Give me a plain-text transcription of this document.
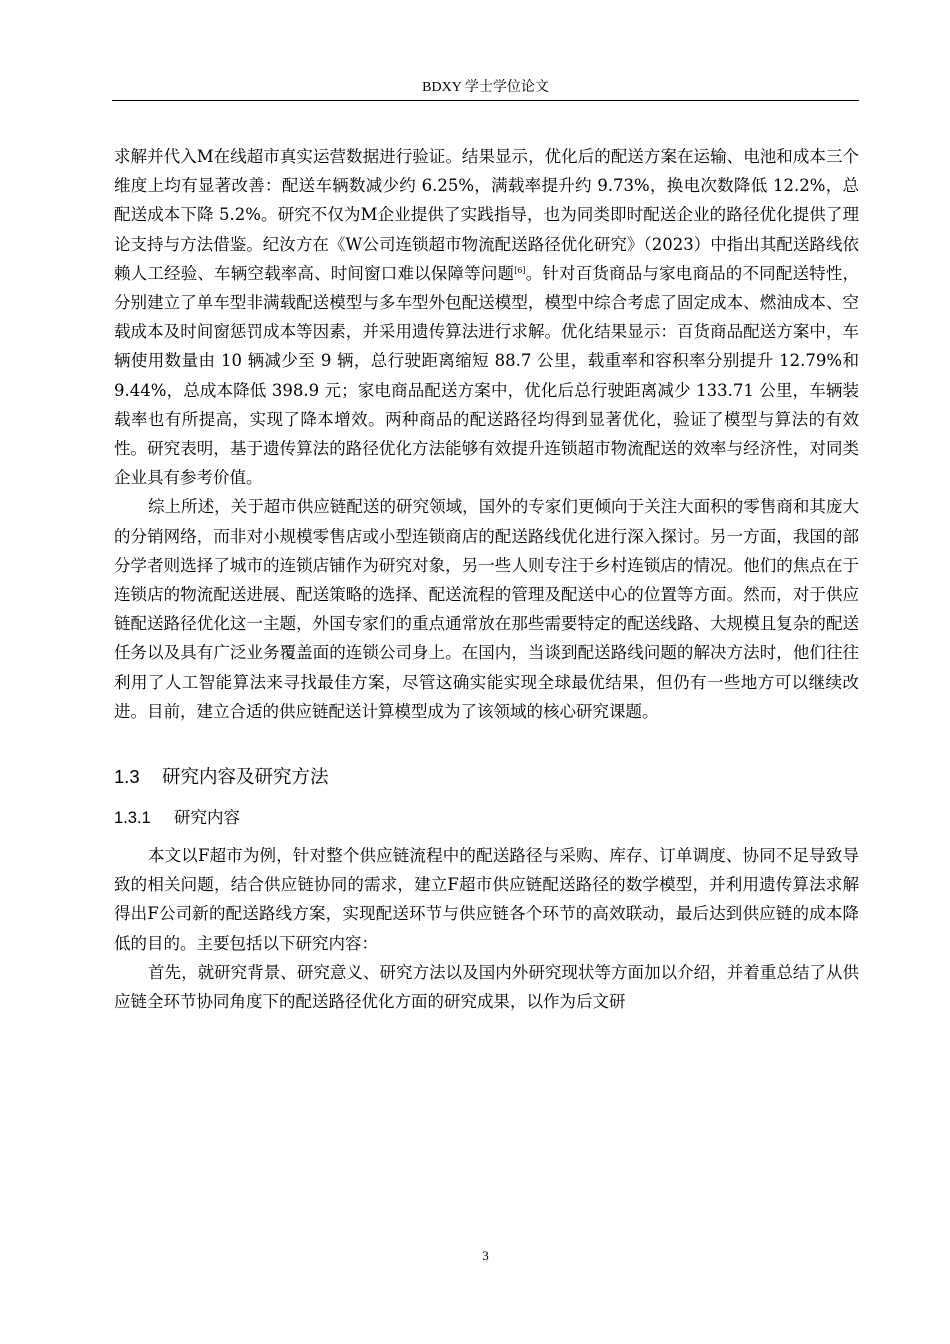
BDXY 学士学位论文

求解并代入M在线超市真实运营数据进行验证。结果显示，优化后的配送方案在运输、电池和成本三个维度上均有显著改善：配送车辆数减少约 6.25%，满载率提升约 9.73%，换电次数降低 12.2%，总配送成本下降 5.2%。研究不仅为M企业提供了实践指导，也为同类即时配送企业的路径优化提供了理论支持与方法借鉴。纪汝方在《W公司连锁超市物流配送路径优化研究》（2023）中指出其配送路线依赖人工经验、车辆空载率高、时间窗口难以保障等问题[6]。针对百货商品与家电商品的不同配送特性，分别建立了单车型非满载配送模型与多车型外包配送模型，模型中综合考虑了固定成本、燃油成本、空载成本及时间窗惩罚成本等因素，并采用遗传算法进行求解。优化结果显示：百货商品配送方案中，车辆使用数量由 10 辆减少至 9 辆，总行驶距离缩短 88.7 公里，载重率和容积率分别提升 12.79%和 9.44%，总成本降低 398.9 元；家电商品配送方案中，优化后总行驶距离减少 133.71 公里，车辆装载率也有所提高，实现了降本增效。两种商品的配送路径均得到显著优化，验证了模型与算法的有效性。研究表明，基于遗传算法的路径优化方法能够有效提升连锁超市物流配送的效率与经济性，对同类企业具有参考价值。

综上所述，关于超市供应链配送的研究领域，国外的专家们更倾向于关注大面积的零售商和其庞大的分销网络，而非对小规模零售店或小型连锁商店的配送路线优化进行深入探讨。另一方面，我国的部分学者则选择了城市的连锁店铺作为研究对象，另一些人则专注于乡村连锁店的情况。他们的焦点在于连锁店的物流配送进展、配送策略的选择、配送流程的管理及配送中心的位置等方面。然而，对于供应链配送路径优化这一主题，外国专家们的重点通常放在那些需要特定的配送线路、大规模且复杂的配送任务以及具有广泛业务覆盖面的连锁公司身上。在国内，当谈到配送路线问题的解决方法时，他们往往利用了人工智能算法来寻找最佳方案，尽管这确实能实现全球最优结果，但仍有一些地方可以继续改进。目前，建立合适的供应链配送计算模型成为了该领域的核心研究课题。

1.3 研究内容及研究方法
1.3.1 研究内容

本文以F超市为例，针对整个供应链流程中的配送路径与采购、库存、订单调度、协同不足导致导致的相关问题，结合供应链协同的需求，建立F超市供应链配送路径的数学模型，并利用遗传算法求解得出F公司新的配送路线方案，实现配送环节与供应链各个环节的高效联动，最后达到供应链的成本降低的目的。主要包括以下研究内容：

首先，就研究背景、研究意义、研究方法以及国内外研究现状等方面加以介绍，并着重总结了从供应链全环节协同角度下的配送路径优化方面的研究成果，以作为后文研

3
